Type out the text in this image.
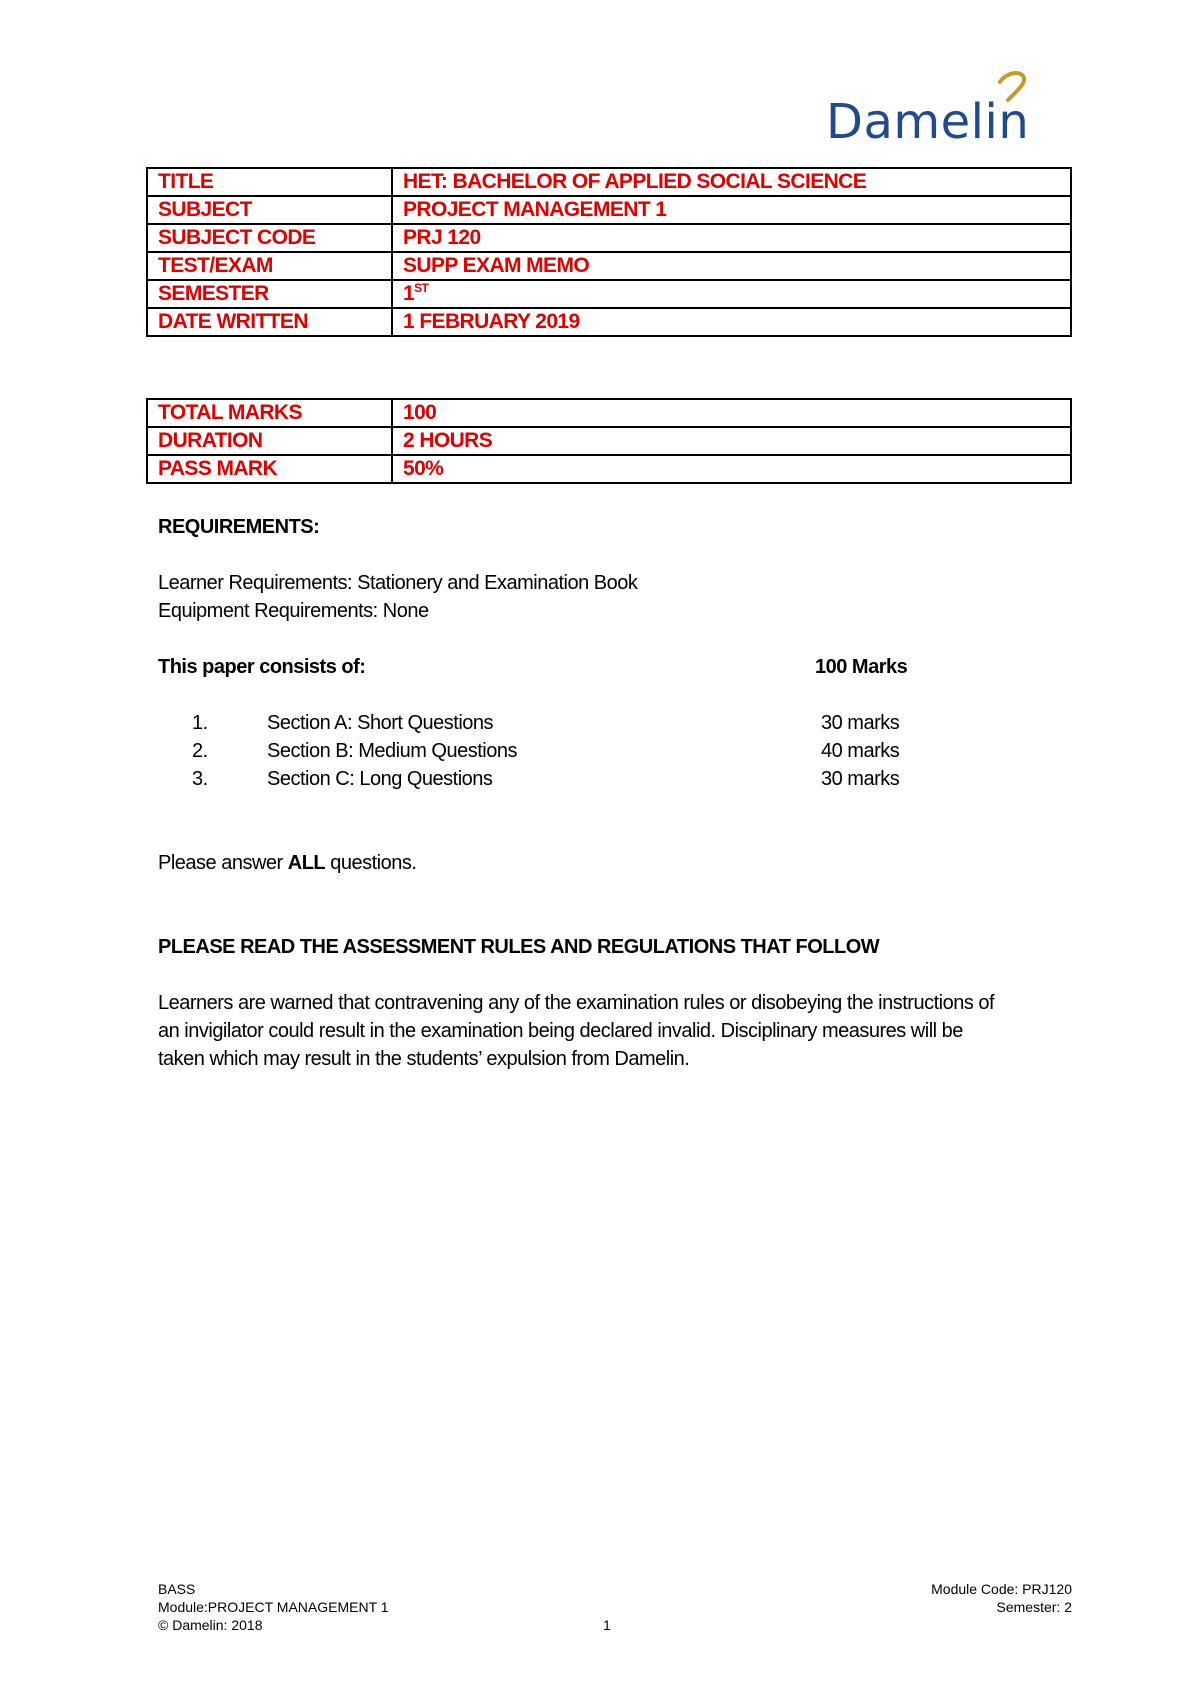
Damelin
TITLE	HET: BACHELOR OF APPLIED SOCIAL SCIENCE
SUBJECT	PROJECT MANAGEMENT 1
SUBJECT CODE	PRJ 120
TEST/EXAM	SUPP EXAM MEMO
SEMESTER	1ST
DATE WRITTEN	1 FEBRUARY 2019
TOTAL MARKS	100
DURATION	2 HOURS
PASS MARK	50%
REQUIREMENTS:
Learner Requirements: Stationery and Examination Book
Equipment Requirements: None
This paper consists of:	100 Marks
1.	Section A: Short Questions	30 marks
2.	Section B: Medium Questions	40 marks
3.	Section C: Long Questions	30 marks
Please answer ALL questions.
PLEASE READ THE ASSESSMENT RULES AND REGULATIONS THAT FOLLOW
Learners are warned that contravening any of the examination rules or disobeying the instructions of
an invigilator could result in the examination being declared invalid. Disciplinary measures will be
taken which may result in the students’ expulsion from Damelin.
BASS
Module:PROJECT MANAGEMENT 1
© Damelin: 2018	1
Module Code: PRJ120
Semester: 2
